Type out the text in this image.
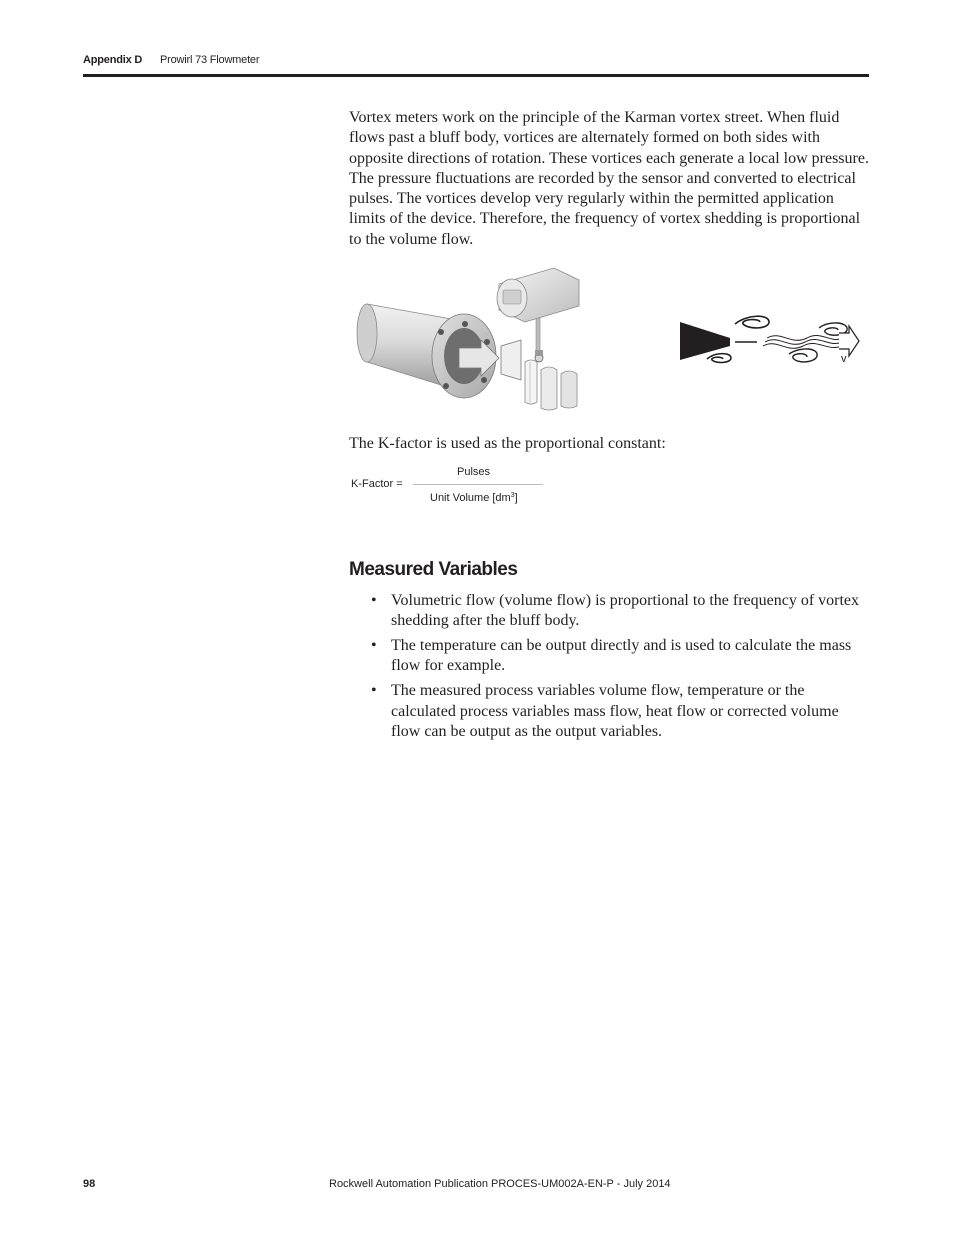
Appendix D Prowirl 73 Flowmeter
Vortex meters work on the principle of the Karman vortex street. When fluid flows past a bluff body, vortices are alternately formed on both sides with opposite directions of rotation. These vortices each generate a local low pressure. The pressure fluctuations are recorded by the sensor and converted to electrical pulses. The vortices develop very regularly within the permitted application limits of the device. Therefore, the frequency of vortex shedding is proportional to the volume flow.
v
The K-factor is used as the proportional constant:
K-Factor =
Pulses
Unit Volume $[dm^3]$
Measured Variables
• Volumetric flow (volume flow) is proportional to the frequency of vortex shedding after the bluff body.
• The temperature can be output directly and is used to calculate the mass flow for example.
• The measured process variables volume flow, temperature or the calculated process variables mass flow, heat flow or corrected volume flow can be output as the output variables.
98	Rockwell Automation Publication PROCES-UM002A-EN-P - July 2014
